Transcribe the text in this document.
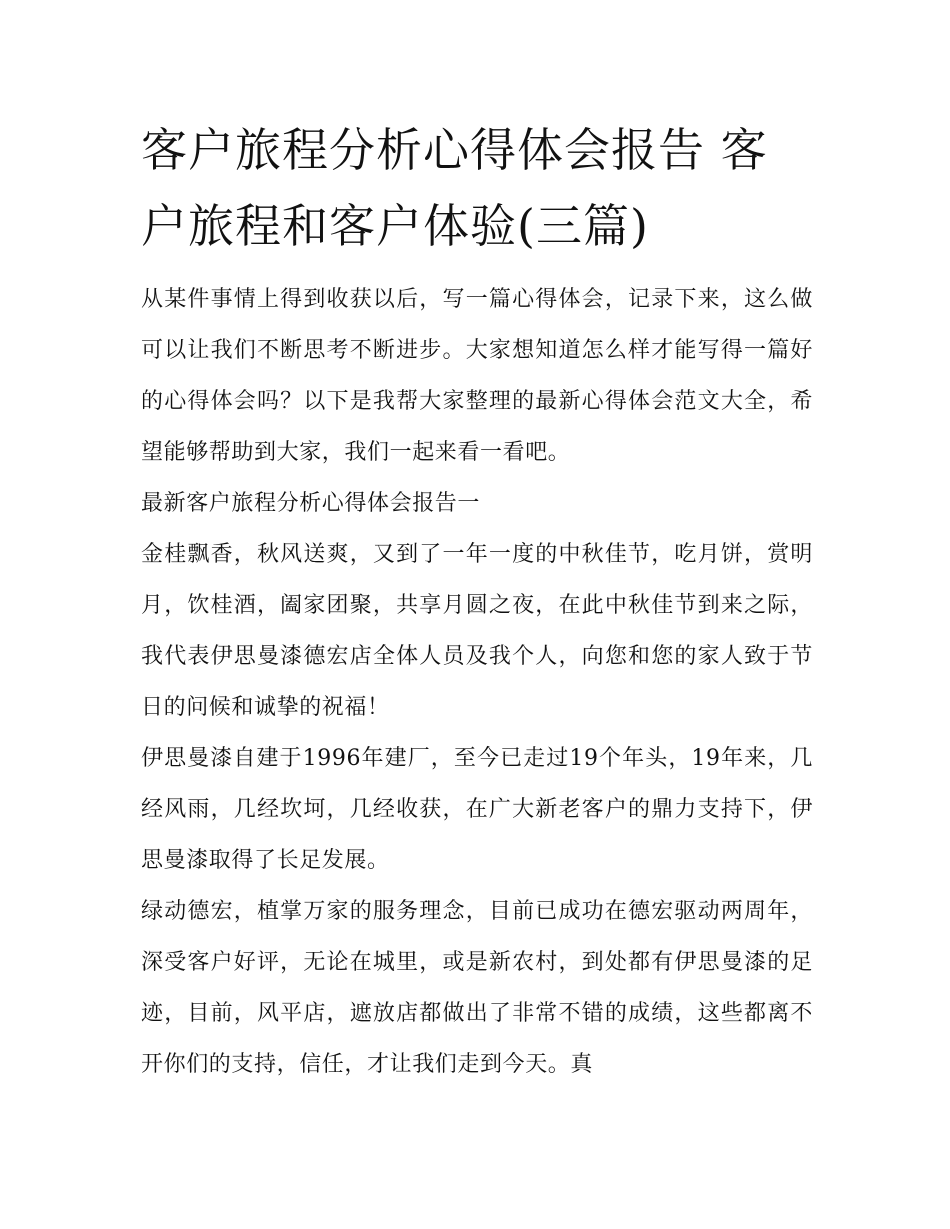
客户旅程分析心得体会报告 客户旅程和客户体验(三篇)

从某件事情上得到收获以后，写一篇心得体会，记录下来，这么做可以让我们不断思考不断进步。大家想知道怎么样才能写得一篇好的心得体会吗？以下是我帮大家整理的最新心得体会范文大全，希望能够帮助到大家，我们一起来看一看吧。

最新客户旅程分析心得体会报告一

金桂飘香，秋风送爽，又到了一年一度的中秋佳节，吃月饼，赏明月，饮桂酒，阖家团聚，共享月圆之夜，在此中秋佳节到来之际，我代表伊思曼漆德宏店全体人员及我个人，向您和您的家人致于节日的问候和诚挚的祝福！

伊思曼漆自建于1996年建厂，至今已走过19个年头，19年来，几经风雨，几经坎坷，几经收获，在广大新老客户的鼎力支持下，伊思曼漆取得了长足发展。

绿动德宏，植掌万家的服务理念，目前已成功在德宏驱动两周年，深受客户好评，无论在城里，或是新农村，到处都有伊思曼漆的足迹，目前，风平店，遮放店都做出了非常不错的成绩，这些都离不开你们的支持，信任，才让我们走到今天。真
